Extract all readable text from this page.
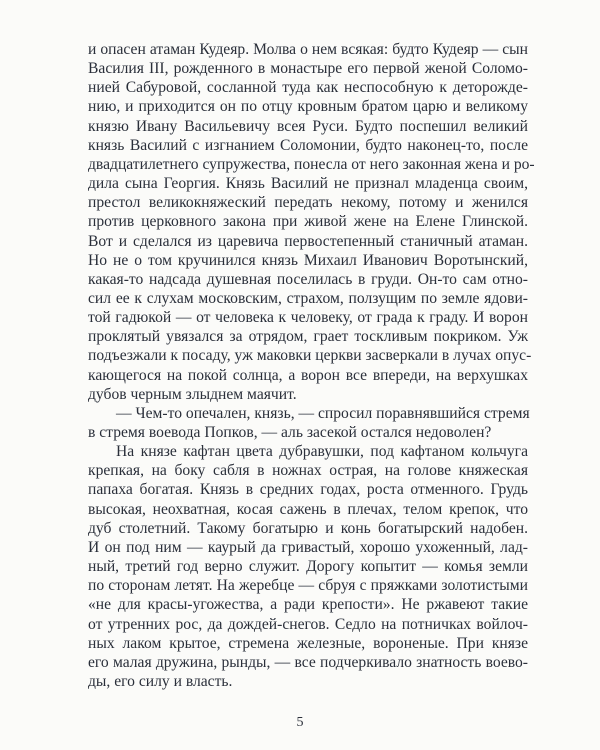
и опасен атаман Кудеяр. Молва о нем всякая: будто Кудеяр — сын
Василия III, рожденного в монастыре его первой женой Соломо-
нией Сабуровой, сосланной туда как неспособную к деторожде-
нию, и приходится он по отцу кровным братом царю и великому
князю Ивану Васильевичу всея Руси. Будто поспешил великий
князь Василий с изгнанием Соломонии, будто наконец-то, после
двадцатилетнего супружества, понесла от него законная жена и ро-
дила сына Георгия. Князь Василий не признал младенца своим,
престол великокняжеский передать некому, потому и женился
против церковного закона при живой жене на Елене Глинской.
Вот и сделался из царевича первостепенный станичный атаман.
Но не о том кручинился князь Михаил Иванович Воротынский,
какая-то надсада душевная поселилась в груди. Он-то сам отно-
сил ее к слухам московским, страхом, ползущим по земле ядови-
той гадюкой — от человека к человеку, от града к граду. И ворон
проклятый увязался за отрядом, грает тоскливым покриком. Уж
подъезжали к посаду, уж маковки церкви засверкали в лучах опус-
кающегося на покой солнца, а ворон все впереди, на верхушках
дубов черным злыднем маячит.
— Чем-то опечален, князь, — спросил поравнявшийся стремя
в стремя воевода Попков, — аль засекой остался недоволен?
На князе кафтан цвета дубравушки, под кафтаном кольчуга
крепкая, на боку сабля в ножнах острая, на голове княжеская
папаха богатая. Князь в средних годах, роста отменного. Грудь
высокая, неохватная, косая сажень в плечах, телом крепок, что
дуб столетний. Такому богатырю и конь богатырский надобен.
И он под ним — каурый да гривастый, хорошо ухоженный, лад-
ный, третий год верно служит. Дорогу копытит — комья земли
по сторонам летят. На жеребце — сбруя с пряжками золотистыми
«не для красы-угожества, а ради крепости». Не ржавеют такие
от утренних рос, да дождей-снегов. Седло на потничках войлоч-
ных лаком крытое, стремена железные, вороненые. При князе
его малая дружина, рынды, — все подчеркивало знатность воево-
ды, его силу и власть.
5
